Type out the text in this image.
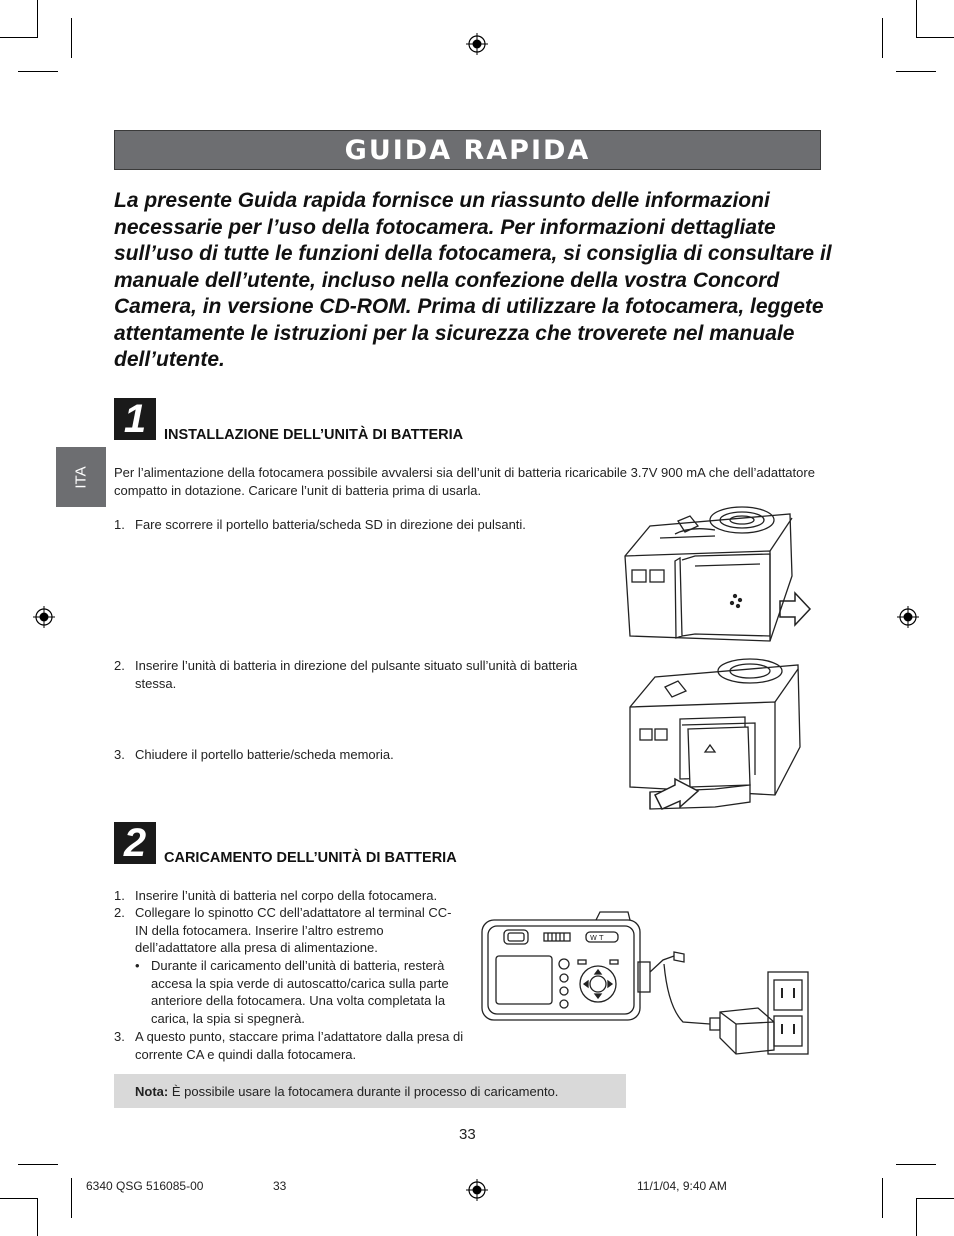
GUIDA RAPIDA
La presente Guida rapida fornisce un riassunto delle informazioni necessarie per l’uso della fotocamera. Per informazioni dettagliate sull’uso di tutte le funzioni della fotocamera, si consiglia di consultare il manuale dell’utente, incluso nella confezione della vostra Concord Camera, in versione CD-ROM. Prima di utilizzare la fotocamera, leggete attentamente le istruzioni per la sicurezza che troverete nel manuale dell’utente.
ITA
1 INSTALLAZIONE DELL’UNITÀ DI BATTERIA
Per l’alimentazione della fotocamera possibile avvalersi sia dell’unit di batteria ricaricabile 3.7V 900 mA che dell’adattatore compatto in dotazione. Caricare l’unit di batteria prima di usarla.
1. Fare scorrere il portello batteria/scheda SD in direzione dei pulsanti.
2. Inserire l’unità di batteria in direzione del pulsante situato sull’unità di batteria stessa.
3. Chiudere il portello batterie/scheda memoria.
2 CARICAMENTO DELL’UNITÀ DI BATTERIA
1. Inserire l’unità di batteria nel corpo della fotocamera.
2. Collegare lo spinotto CC dell’adattatore al terminal CC-IN della fotocamera. Inserire l’altro estremo dell’adattatore alla presa di alimentazione.
• Durante il caricamento dell’unità di batteria, resterà accesa la spia verde di autoscatto/carica sulla parte anteriore della fotocamera. Una volta completata la carica, la spia si spegnerà.
3. A questo punto, staccare prima l’adattatore dalla presa di corrente CA e quindi dalla fotocamera.
W T
Nota: È possibile usare la fotocamera durante il processo di caricamento.
33
6340 QSG 516085-00	33	11/1/04, 9:40 AM
